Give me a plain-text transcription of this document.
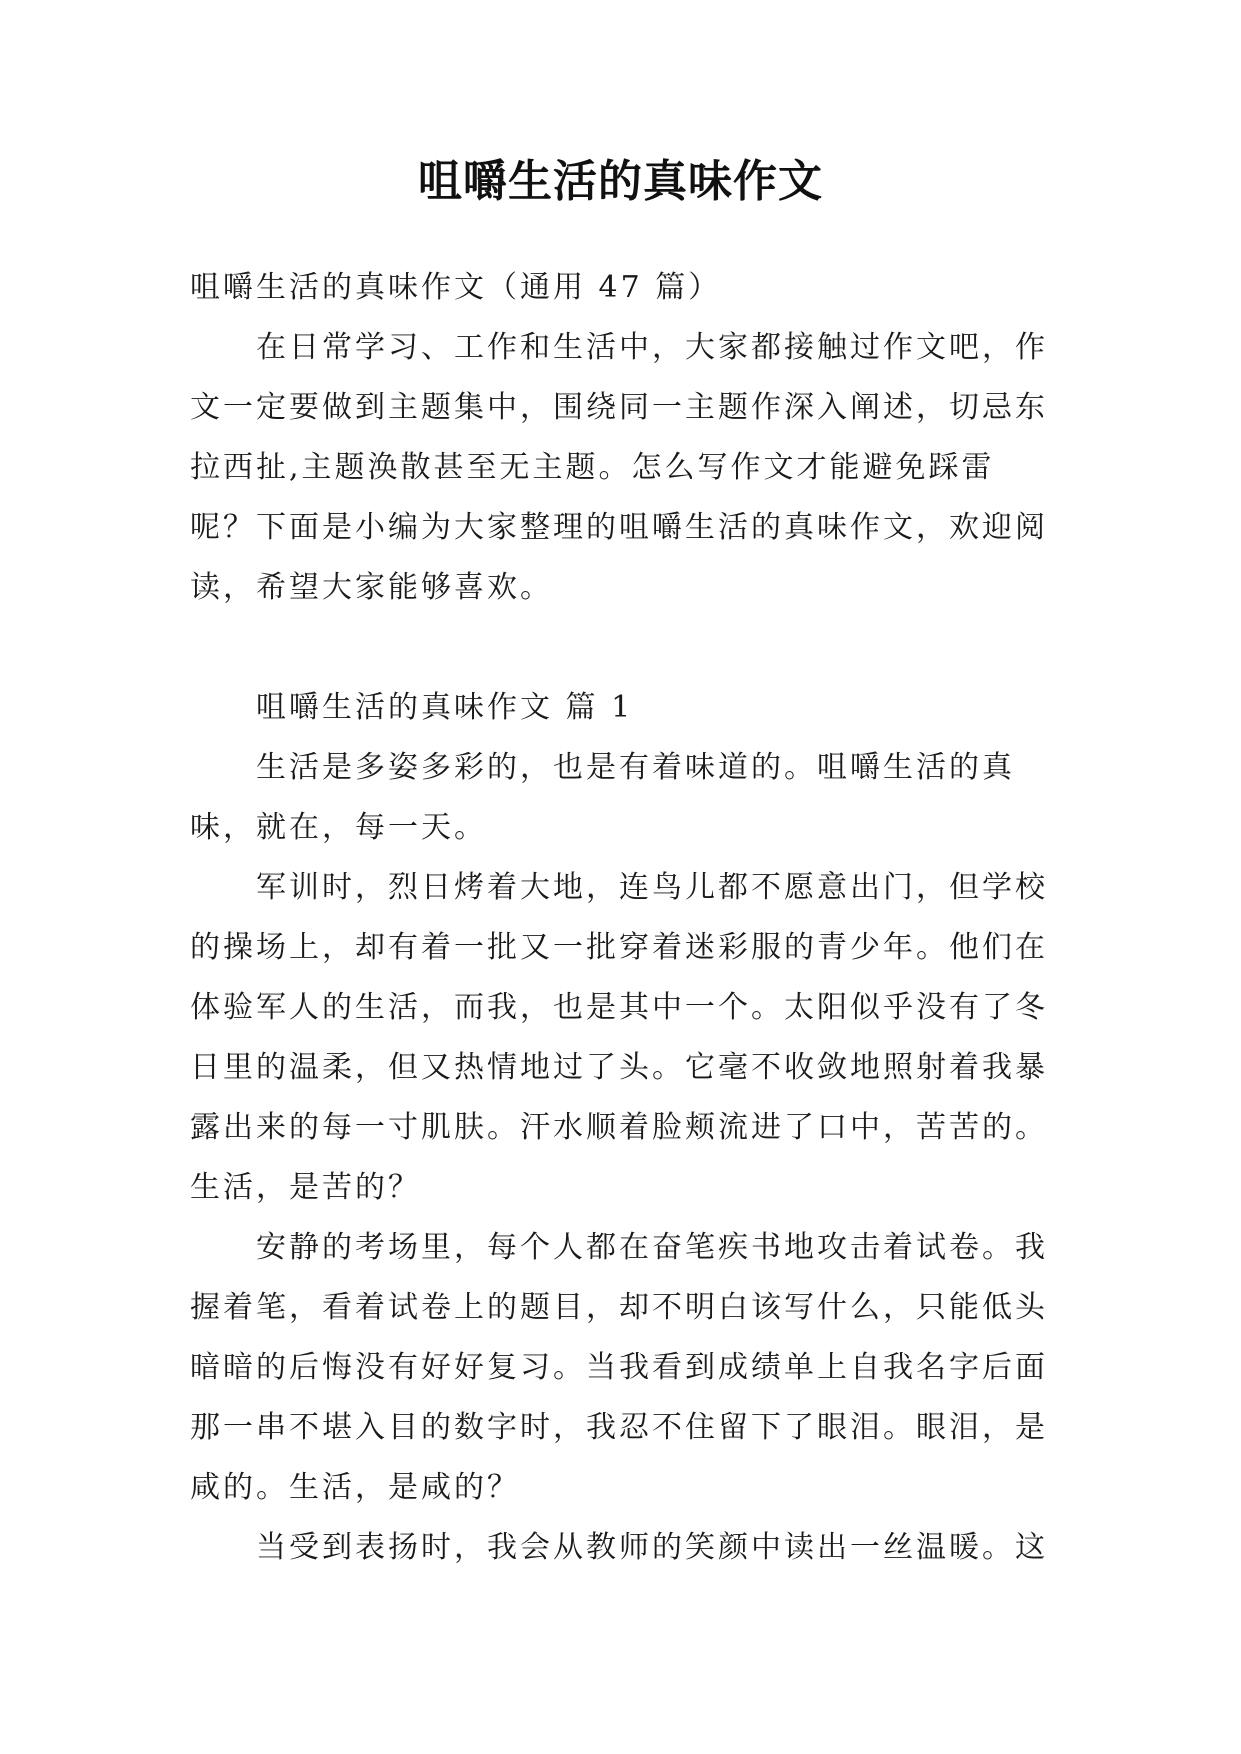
咀嚼生活的真味作文

咀嚼生活的真味作文（通用 47 篇）

在日常学习、工作和生活中，大家都接触过作文吧，作文一定要做到主题集中，围绕同一主题作深入阐述，切忌东拉西扯,主题涣散甚至无主题。怎么写作文才能避免踩雷呢？下面是小编为大家整理的咀嚼生活的真味作文，欢迎阅读，希望大家能够喜欢。

咀嚼生活的真味作文 篇 1

生活是多姿多彩的，也是有着味道的。咀嚼生活的真味，就在，每一天。

军训时，烈日烤着大地，连鸟儿都不愿意出门，但学校的操场上，却有着一批又一批穿着迷彩服的青少年。他们在体验军人的生活，而我，也是其中一个。太阳似乎没有了冬日里的温柔，但又热情地过了头。它毫不收敛地照射着我暴露出来的每一寸肌肤。汗水顺着脸颊流进了口中，苦苦的。生活，是苦的？

安静的考场里，每个人都在奋笔疾书地攻击着试卷。我握着笔，看着试卷上的题目，却不明白该写什么，只能低头暗暗的后悔没有好好复习。当我看到成绩单上自我名字后面那一串不堪入目的数字时，我忍不住留下了眼泪。眼泪，是咸的。生活，是咸的？

当受到表扬时，我会从教师的笑颜中读出一丝温暖。这
